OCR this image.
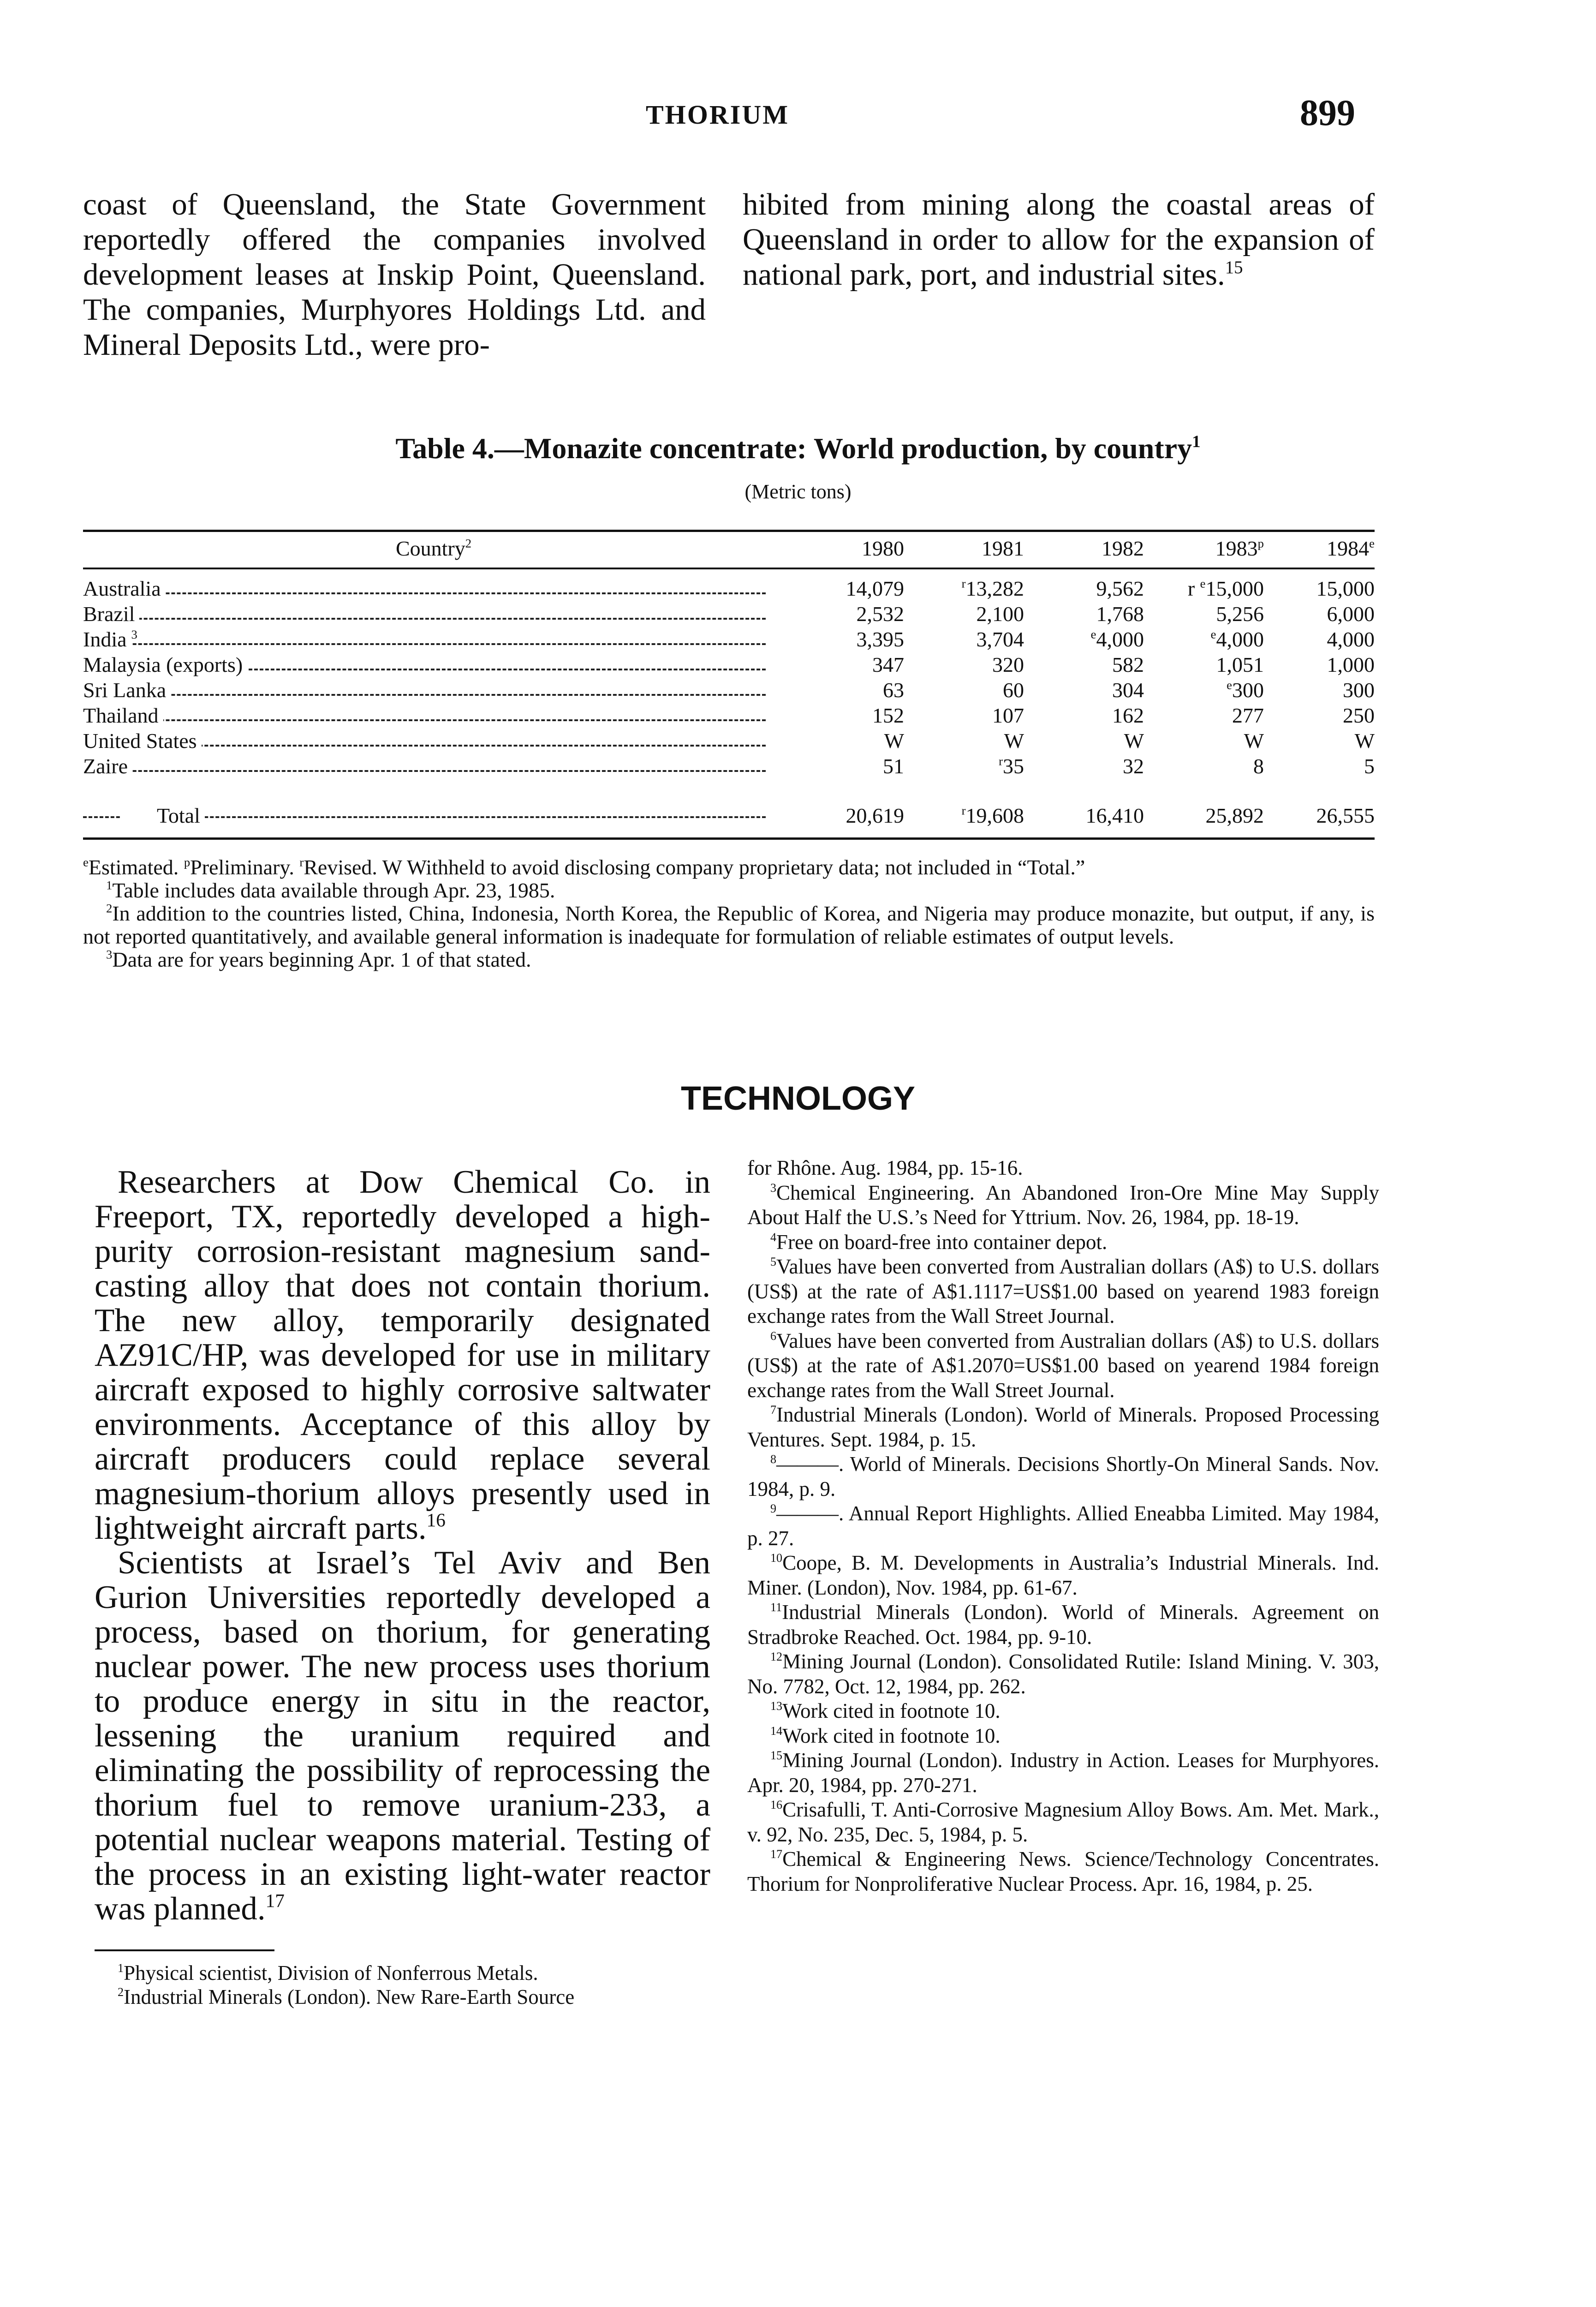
THORIUM	899

coast of Queensland, the State Government reportedly offered the companies involved development leases at Inskip Point, Queensland. The companies, Murphyores Holdings Ltd. and Mineral Deposits Ltd., were pro-

hibited from mining along the coastal areas of Queensland in order to allow for the expansion of national park, port, and industrial sites.$^{15}$

Table 4.—Monazite concentrate: World production, by country$^1$
(Metric tons)
Country$^2$	1980	1981	1982	1983$^p$	1984e

Australia	14,079	$^r$13,282	9,562	r $^e$15,000	15,000

Brazil	2,532	2,100	1,768	5,256	6,000

India $^3$	3,395	3,704	$^e$4,000	$^e$4,000	4,000

Malaysia (exports)	347	320	582	1,051	1,000

Sri Lanka	63	60	304	$^e$300	300

Thailand	152	107	162	277	250

United States	W	W	W	W	W

Zaire	51	$^r$35	32	8	5

Total	20,619	$^r$19,608	16,410	25,892	26,555

$^e$Estimated. $^p$Preliminary. $^r$Revised. W Withheld to avoid disclosing company proprietary data; not included in “Total.”

$^1$Table includes data available through Apr. 23, 1985.

$^2$In addition to the countries listed, China, Indonesia, North Korea, the Republic of Korea, and Nigeria may produce monazite, but output, if any, is not reported quantitatively, and available general information is inadequate for formulation of reliable estimates of output levels.

$^3$Data are for years beginning Apr. 1 of that stated.

TECHNOLOGY

Researchers at Dow Chemical Co. in Freeport, TX, reportedly developed a high-purity corrosion-resistant magnesium sand-casting alloy that does not contain thorium. The new alloy, temporarily designated AZ91C/HP, was developed for use in military aircraft exposed to highly corrosive saltwater environments. Acceptance of this alloy by aircraft producers could replace several magnesium-thorium alloys presently used in lightweight aircraft parts.$^{16}$

Scientists at Israel’s Tel Aviv and Ben Gurion Universities reportedly developed a process, based on thorium, for generating nuclear power. The new process uses thorium to produce energy in situ in the reactor, lessening the uranium required and eliminating the possibility of reprocessing the thorium fuel to remove uranium-233, a potential nuclear weapons material. Testing of the process in an existing light-water reactor was planned.$^{17}$

$^1$Physical scientist, Division of Nonferrous Metals.

$^2$Industrial Minerals (London). New Rare-Earth Source

for Rhône. Aug. 1984, pp. 15-16.

$^3$Chemical Engineering. An Abandoned Iron-Ore Mine May Supply About Half the U.S.’s Need for Yttrium. Nov. 26, 1984, pp. 18-19.

$^4$Free on board-free into container depot.

$^5$Values have been converted from Australian dollars (A$) to U.S. dollars (US$) at the rate of A$1.1117=US$1.00 based on yearend 1983 foreign exchange rates from the Wall Street Journal.

$^6$Values have been converted from Australian dollars (A$) to U.S. dollars (US$) at the rate of A$1.2070=US$1.00 based on yearend 1984 foreign exchange rates from the Wall Street Journal.

$^7$Industrial Minerals (London). World of Minerals. Proposed Processing Ventures. Sept. 1984, p. 15.

$^8$———. World of Minerals. Decisions Shortly-On Mineral Sands. Nov. 1984, p. 9.

$^9$———. Annual Report Highlights. Allied Eneabba Limited. May 1984, p. 27.

$^{10}$Coope, B. M. Developments in Australia’s Industrial Minerals. Ind. Miner. (London), Nov. 1984, pp. 61-67.

$^{11}$Industrial Minerals (London). World of Minerals. Agreement on Stradbroke Reached. Oct. 1984, pp. 9-10.

$^{12}$Mining Journal (London). Consolidated Rutile: Island Mining. V. 303, No. 7782, Oct. 12, 1984, pp. 262.

$^{13}$Work cited in footnote 10.

$^{14}$Work cited in footnote 10.

$^{15}$Mining Journal (London). Industry in Action. Leases for Murphyores. Apr. 20, 1984, pp. 270-271.

$^{16}$Crisafulli, T. Anti-Corrosive Magnesium Alloy Bows. Am. Met. Mark., v. 92, No. 235, Dec. 5, 1984, p. 5.

$^{17}$Chemical & Engineering News. Science/Technology Concentrates. Thorium for Nonproliferative Nuclear Process. Apr. 16, 1984, p. 25.
